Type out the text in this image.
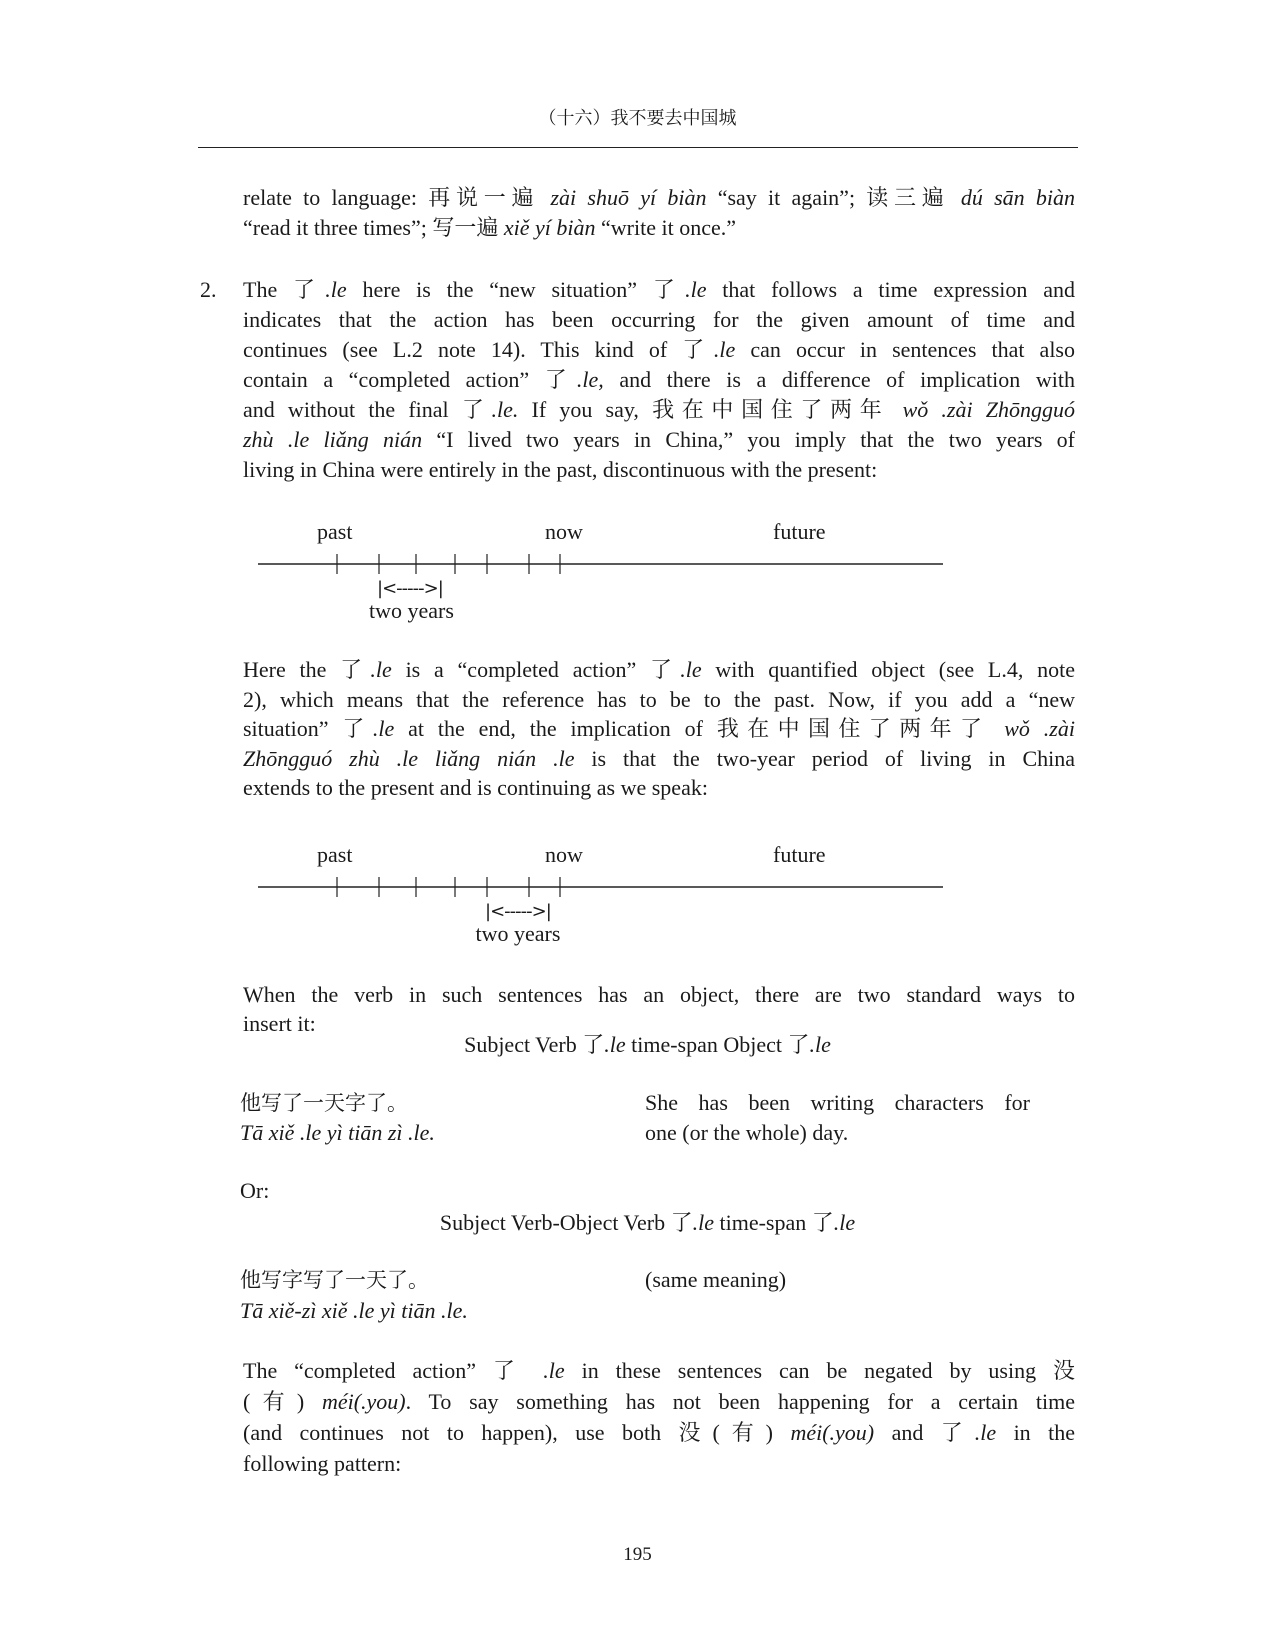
（十六）我不要去中国城
relate to language: 再说一遍 zài shuō yí biàn “say it again”; 读三遍 dú sān biàn
“read it three times”; 写一遍 xiě yí biàn “write it once.”
2. The 了.le here is the “new situation” 了.le that follows a time expression and
indicates that the action has been occurring for the given amount of time and
continues (see L.2 note 14). This kind of 了.le can occur in sentences that also
contain a “completed action” 了.le, and there is a difference of implication with
and without the final 了.le. If you say, 我在中国住了两年 wǒ .zài Zhōngguó
zhù .le liǎng nián “I lived two years in China,” you imply that the two years of
living in China were entirely in the past, discontinuous with the present:
past	now	future
|<----->|
two years
Here the 了.le is a “completed action” 了.le with quantified object (see L.4, note
2), which means that the reference has to be to the past. Now, if you add a “new
situation” 了.le at the end, the implication of 我在中国住了两年了 wǒ .zài
Zhōngguó zhù .le liǎng nián .le is that the two-year period of living in China
extends to the present and is continuing as we speak:
past	now	future
|<----->|
two years
When the verb in such sentences has an object, there are two standard ways to
insert it:
Subject Verb 了.le time-span Object 了.le
他写了一天字了。
Tā xiě .le yì tiān zì .le.
She has been writing characters for
one (or the whole) day.
Or:
Subject Verb-Object Verb 了.le time-span 了.le
他写字写了一天了。
Tā xiě-zì xiě .le yì tiān .le.
(same meaning)
The “completed action” 了 .le in these sentences can be negated by using 没
(有) méi(.you). To say something has not been happening for a certain time
(and continues not to happen), use both 没(有) méi(.you) and 了.le in the
following pattern:
195
